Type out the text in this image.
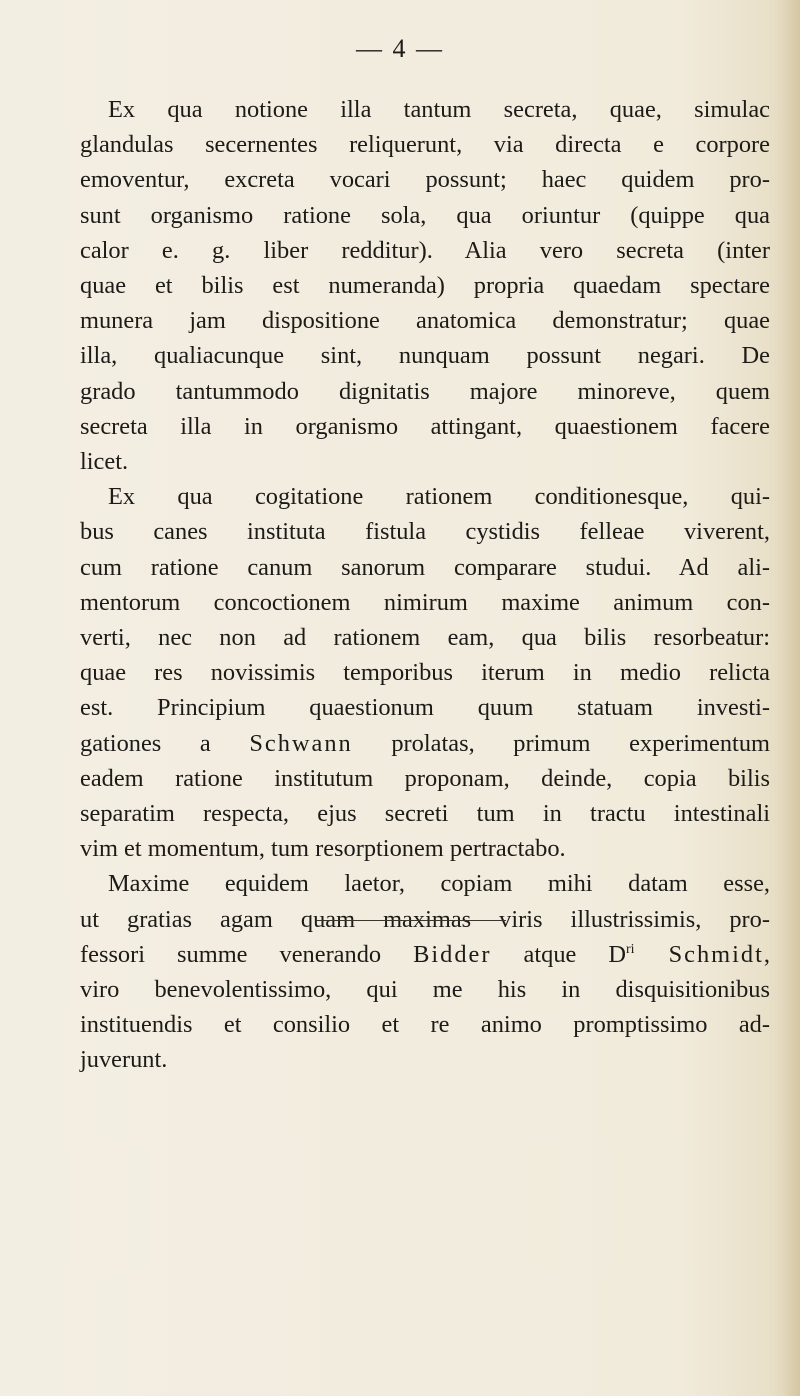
— 4 —
Ex qua notione illa tantum secreta, quae, simulac
glandulas secernentes reliquerunt, via directa e corpore
emoventur, excreta vocari possunt; haec quidem pro-
sunt organismo ratione sola, qua oriuntur (quippe qua
calor e. g. liber redditur). Alia vero secreta (inter
quae et bilis est numeranda) propria quaedam spectare
munera jam dispositione anatomica demonstratur; quae
illa, qualiacunque sint, nunquam possunt negari. De
grado tantummodo dignitatis majore minoreve, quem
secreta illa in organismo attingant, quaestionem facere
licet.
Ex qua cogitatione rationem conditionesque, qui-
bus canes instituta fistula cystidis felleae viverent,
cum ratione canum sanorum comparare studui. Ad ali-
mentorum concoctionem nimirum maxime animum con-
verti, nec non ad rationem eam, qua bilis resorbeatur:
quae res novissimis temporibus iterum in medio relicta
est. Principium quaestionum quum statuam investi-
gationes a Schwann prolatas, primum experimentum
eadem ratione institutum proponam, deinde, copia bilis
separatim respecta, ejus secreti tum in tractu intestinali
vim et momentum, tum resorptionem pertractabo.
Maxime equidem laetor, copiam mihi datam esse,
ut gratias agam quam maximas viris illustrissimis, pro-
fessori summe venerando Bidder atque $D^{ri}$ Schmidt,
viro benevolentissimo, qui me his in disquisitionibus
instituendis et consilio et re animo promptissimo ad-
juverunt.
